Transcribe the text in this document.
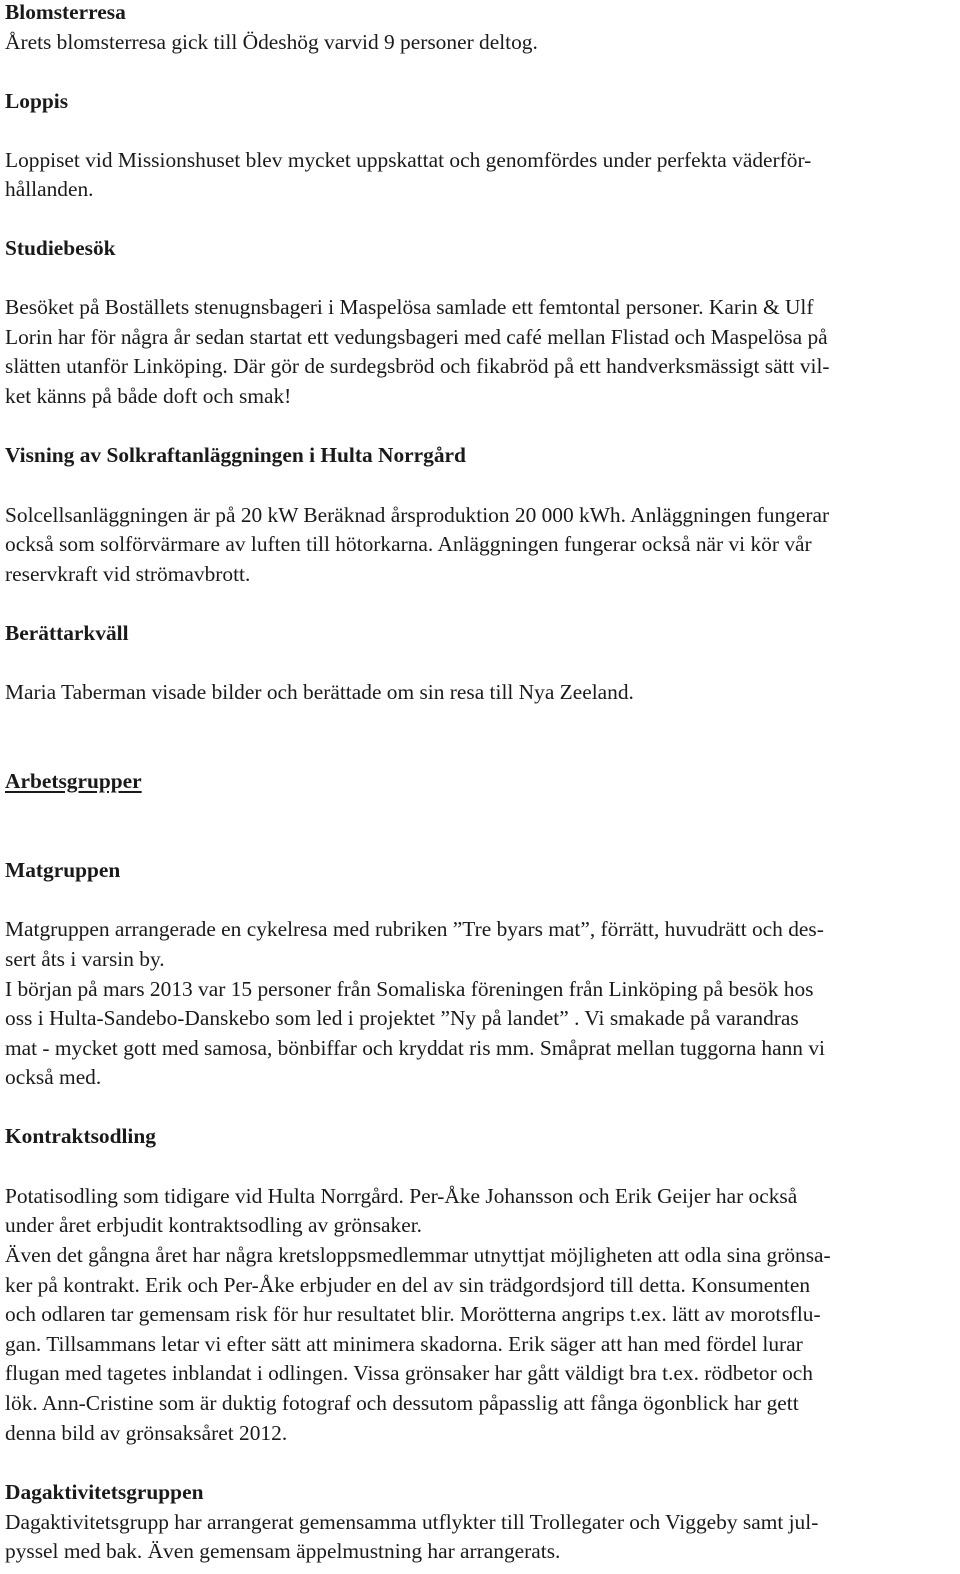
Blomsterresa
Årets blomsterresa gick till Ödeshög varvid 9 personer deltog.
Loppis
Loppiset vid Missionshuset blev mycket uppskattat och genomfördes under perfekta väderför-
hållanden.
Studiebesök
Besöket på Boställets stenugnsbageri i Maspelösa samlade ett femtontal personer. Karin & Ulf
Lorin har för några år sedan startat ett vedungsbageri med café mellan Flistad och Maspelösa på
slätten utanför Linköping. Där gör de surdegsbröd och fikabröd på ett handverksmässigt sätt vil-
ket känns på både doft och smak!
Visning av Solkraftanläggningen i Hulta Norrgård
Solcellsanläggningen är på 20 kW Beräknad årsproduktion 20 000 kWh. Anläggningen fungerar
också som solförvärmare av luften till hötorkarna. Anläggningen fungerar också när vi kör vår
reservkraft vid strömavbrott.
Berättarkväll
Maria Taberman visade bilder och berättade om sin resa till Nya Zeeland.
Arbetsgrupper
Matgruppen
Matgruppen arrangerade en cykelresa med rubriken ”Tre byars mat”, förrätt, huvudrätt och des-
sert åts i varsin by.
I början på mars 2013 var 15 personer från Somaliska föreningen från Linköping på besök hos
oss i Hulta-Sandebo-Danskebo som led i projektet ”Ny på landet” . Vi smakade på varandras
mat - mycket gott med samosa, bönbiffar och kryddat ris mm. Småprat mellan tuggorna hann vi
också med.
Kontraktsodling
Potatisodling som tidigare vid Hulta Norrgård. Per-Åke Johansson och Erik Geijer har också
under året erbjudit kontraktsodling av grönsaker.
Även det gångna året har några kretsloppsmedlemmar utnyttjat möjligheten att odla sina grönsa-
ker på kontrakt. Erik och Per-Åke erbjuder en del av sin trädgordsjord till detta. Konsumenten
och odlaren tar gemensam risk för hur resultatet blir. Morötterna angrips t.ex. lätt av morotsflu-
gan. Tillsammans letar vi efter sätt att minimera skadorna. Erik säger att han med fördel lurar
flugan med tagetes inblandat i odlingen. Vissa grönsaker har gått väldigt bra t.ex. rödbetor och
lök. Ann-Cristine som är duktig fotograf och dessutom påpasslig att fånga ögonblick har gett
denna bild av grönsaksåret 2012.
Dagaktivitetsgruppen
Dagaktivitetsgrupp har arrangerat gemensamma utflykter till Trollegater och Viggeby samt jul-
pyssel med bak. Även gemensam äppelmustning har arrangerats.
